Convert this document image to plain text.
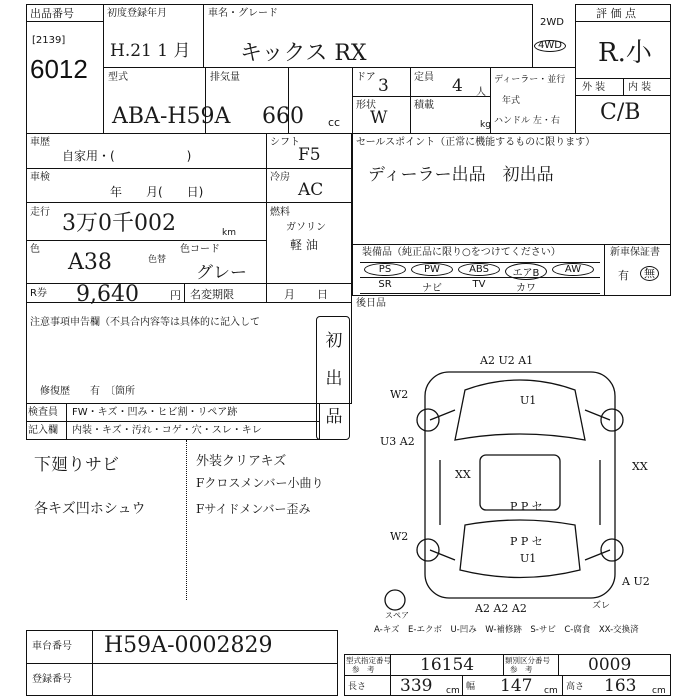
出品番号
[2139]
6012
初度登録年月
H.21 1 月
車名・グレード
キックス RX
2WD
4WD
評 価 点
R.小
外 装 内 装
C/B
型式
ABA-H59A
排気量
660 cc
ドア 3	定員 4 人
ディーラー・並行
年式
ハンドル 左・右
形状
W
積載
kg
車歴
自家用・(　　　　　　)
シフト
F5
車検
年　　月(　　日)
冷房
AC
走行 3万0千002	km
燃料
ガソリン
軽 油
色
A38	色替
色コード
グレー
R券 9,640	円 名変期限	月　　日
セールスポイント（正常に機能するものに限ります）
ディーラー出品　初出品
装備品（純正品に限り○をつけてください）	新車保証書
有	無
PS	PW	ABS	エアB	AW
SR	ナビ	TV	カワ
後日品
注意事項申告欄（不具合内容等は具体的に記入して
修復歴　　有　〔箇所
初
出
品
検査員
記入欄
FW・キズ・凹み・ヒビ割・リペア跡
内装・キズ・汚れ・コゲ・穴・スレ・キレ
下廻りサビ
各キズ凹ホシュウ
外装クリアキズ
Fクロスメンバー小曲り
Fサイドメンバー歪み
A2 U2 A1
U1
W2
U3 A2
XX
P P セ
P P セ
U1
W2
A U2
A2 A2 A2
XX
スペア
ズレ
A-キズ　E-エクボ　U-凹み　W-補修跡　S-サビ　C-腐食　XX-交換済
車台番号 H59A-0002829
登録番号
型式指定番号
参　考	16154	類別区分番号
参　考	0009
長さ 339 cm 幅 147 cm 高さ 163 cm
